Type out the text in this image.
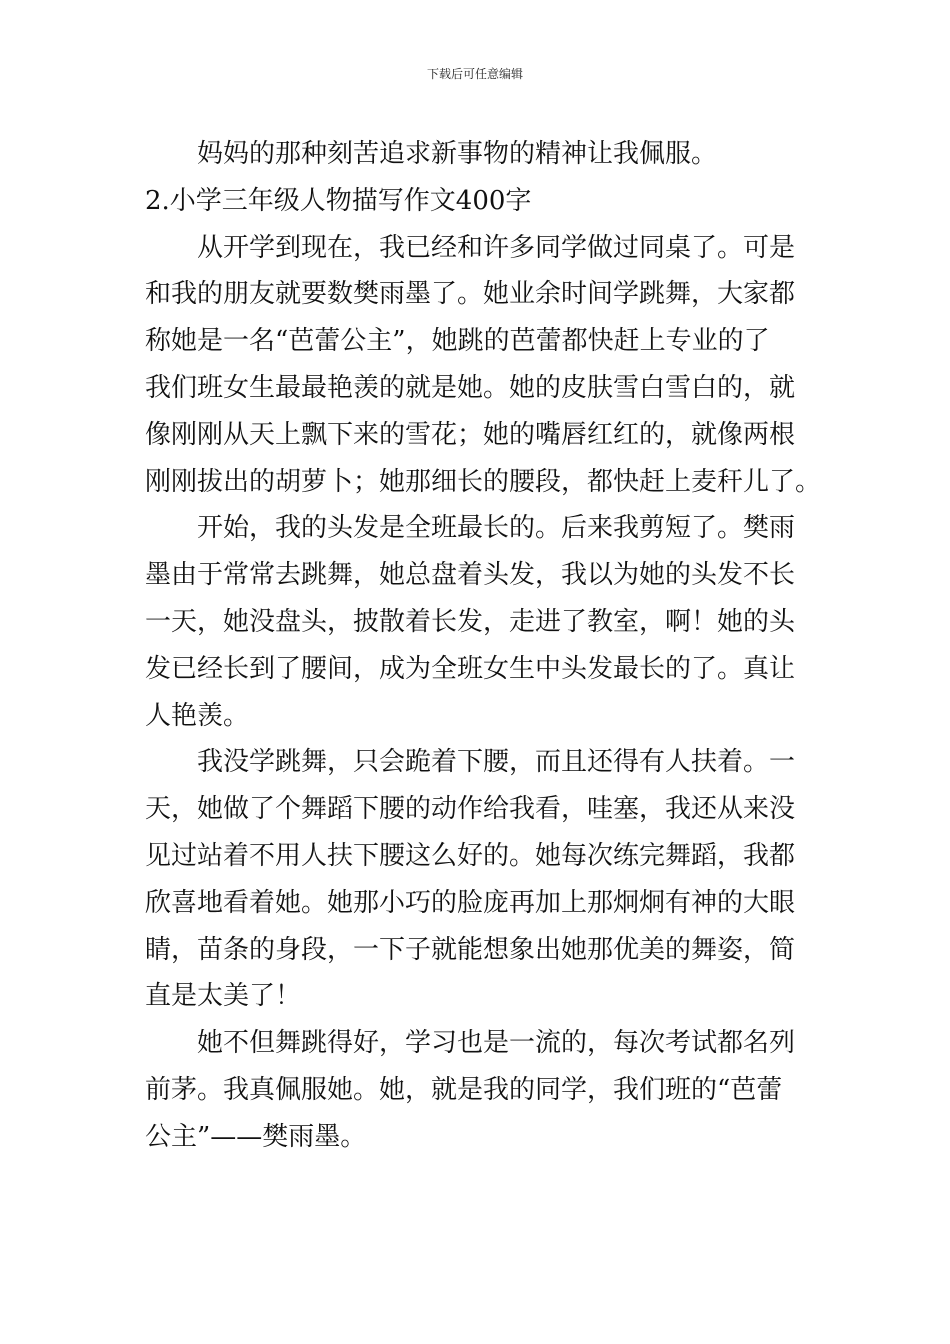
下载后可任意编辑
妈妈的那种刻苦追求新事物的精神让我佩服。
2.小学三年级人物描写作文400字
从开学到现在，我已经和许多同学做过同桌了。可是
和我的朋友就要数樊雨墨了。她业余时间学跳舞，大家都
称她是一名“芭蕾公主”，她跳的芭蕾都快赶上专业的了
我们班女生最最艳羡的就是她。她的皮肤雪白雪白的，就
像刚刚从天上飘下来的雪花；她的嘴唇红红的，就像两根
刚刚拔出的胡萝卜；她那细长的腰段，都快赶上麦秆儿了。
开始，我的头发是全班最长的。后来我剪短了。樊雨
墨由于常常去跳舞，她总盘着头发，我以为她的头发不长
一天，她没盘头，披散着长发，走进了教室，啊！她的头
发已经长到了腰间，成为全班女生中头发最长的了。真让
人艳羡。
我没学跳舞，只会跪着下腰，而且还得有人扶着。一
天，她做了个舞蹈下腰的动作给我看，哇塞，我还从来没
见过站着不用人扶下腰这么好的。她每次练完舞蹈，我都
欣喜地看着她。她那小巧的脸庞再加上那炯炯有神的大眼
睛，苗条的身段，一下子就能想象出她那优美的舞姿，简
直是太美了！
她不但舞跳得好，学习也是一流的，每次考试都名列
前茅。我真佩服她。她，就是我的同学，我们班的“芭蕾
公主”——樊雨墨。
